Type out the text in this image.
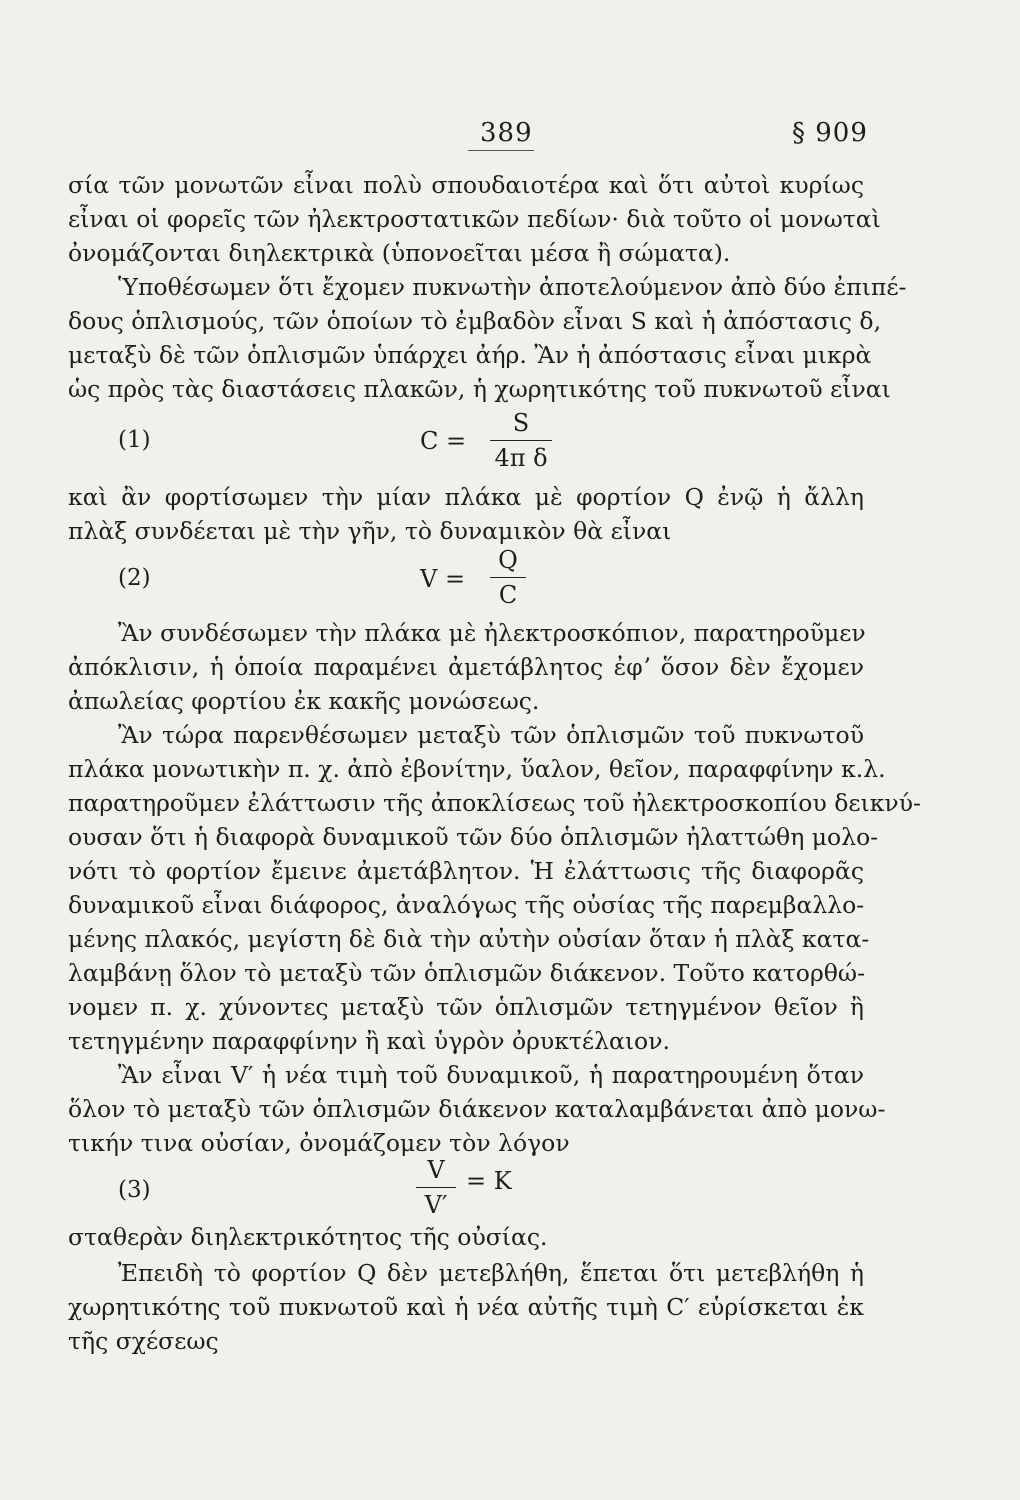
389	§ 909
σία τῶν μονωτῶν εἶναι πολὺ σπουδαιοτέρα καὶ ὅτι αὐτοὶ κυρίως
εἶναι οἱ φορεῖς τῶν ἠλεκτροστατικῶν πεδίων· διὰ τοῦτο οἱ μονωταὶ
ὀνομάζονται διηλεκτρικὰ (ὑπονοεῖται μέσα ἢ σώματα).
Ὑποθέσωμεν ὅτι ἔχομεν πυκνωτὴν ἀποτελούμενον ἀπὸ δύο ἐπιπέ-
δους ὁπλισμούς, τῶν ὁποίων τὸ ἐμβαδὸν εἶναι S καὶ ἡ ἀπόστασις δ,
μεταξὺ δὲ τῶν ὁπλισμῶν ὑπάρχει ἀήρ. Ἂν ἡ ἀπόστασις εἶναι μικρὰ
ὡς πρὸς τὰς διαστάσεις πλακῶν, ἡ χωρητικότης τοῦ πυκνωτοῦ εἶναι
(1)	C =
S
4π δ
καὶ ἂν φορτίσωμεν τὴν μίαν πλάκα μὲ φορτίον Q ἐνῷ ἡ ἄλλη
πλὰξ συνδέεται μὲ τὴν γῆν, τὸ δυναμικὸν θὰ εἶναι
(2)	V =
Q
C
Ἂν συνδέσωμεν τὴν πλάκα μὲ ἠλεκτροσκόπιον, παρατηροῦμεν
ἀπόκλισιν, ἡ ὁποία παραμένει ἀμετάβλητος ἐφʼ ὅσον δὲν ἔχομεν
ἀπωλείας φορτίου ἐκ κακῆς μονώσεως.
Ἂν τώρα παρενθέσωμεν μεταξὺ τῶν ὁπλισμῶν τοῦ πυκνωτοῦ
πλάκα μονωτικὴν π. χ. ἀπὸ ἐβονίτην, ὕαλον, θεῖον, παραφφίνην κ.λ.
παρατηροῦμεν ἐλάττωσιν τῆς ἀποκλίσεως τοῦ ἠλεκτροσκοπίου δεικνύ-
ουσαν ὅτι ἡ διαφορὰ δυναμικοῦ τῶν δύο ὁπλισμῶν ἠλαττώθη μολο-
νότι τὸ φορτίον ἔμεινε ἀμετάβλητον. Ἡ ἐλάττωσις τῆς διαφορᾶς
δυναμικοῦ εἶναι διάφορος, ἀναλόγως τῆς οὐσίας τῆς παρεμβαλλο-
μένης πλακός, μεγίστη δὲ διὰ τὴν αὐτὴν οὐσίαν ὅταν ἡ πλὰξ κατα-
λαμβάνῃ ὅλον τὸ μεταξὺ τῶν ὁπλισμῶν διάκενον. Τοῦτο κατορθώ-
νομεν π. χ. χύνοντες μεταξὺ τῶν ὁπλισμῶν τετηγμένον θεῖον ἢ
τετηγμένην παραφφίνην ἢ καὶ ὑγρὸν ὀρυκτέλαιον.
Ἂν εἶναι V′ ἡ νέα τιμὴ τοῦ δυναμικοῦ, ἡ παρατηρουμένη ὅταν
ὅλον τὸ μεταξὺ τῶν ὁπλισμῶν διάκενον καταλαμβάνεται ἀπὸ μονω-
τικήν τινα οὐσίαν, ὀνομάζομεν τὸν λόγον
(3)
V
V′
= K
σταθερὰν διηλεκτρικότητος τῆς οὐσίας.
Ἐπειδὴ τὸ φορτίον Q δὲν μετεβλήθη, ἕπεται ὅτι μετεβλήθη ἡ
χωρητικότης τοῦ πυκνωτοῦ καὶ ἡ νέα αὐτῆς τιμὴ C′ εὑρίσκεται ἐκ
τῆς σχέσεως
